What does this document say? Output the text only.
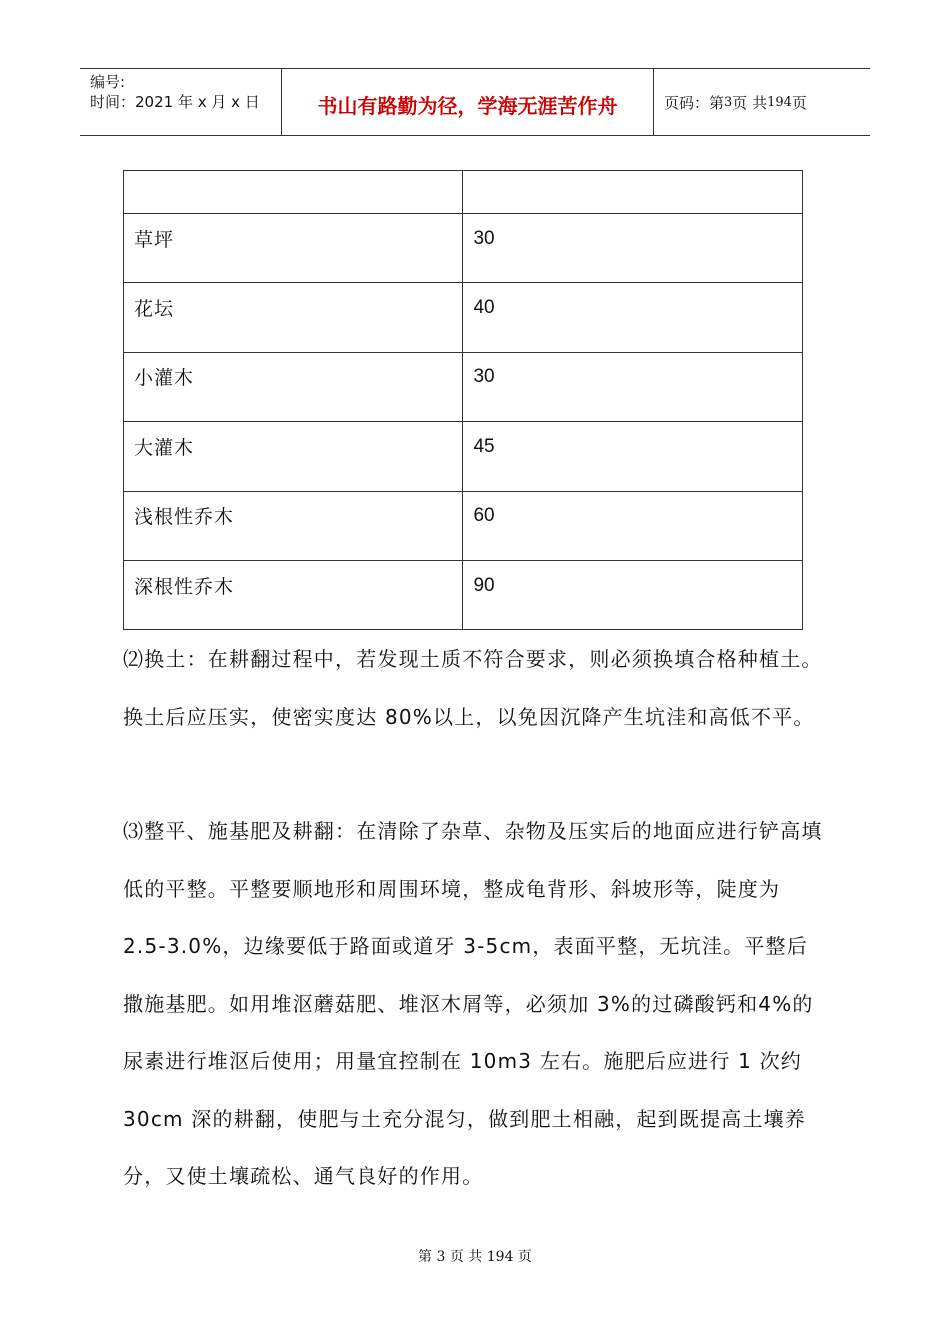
编号:
时间：2021 年 x 月 x 日	书山有路勤为径，学海无涯苦作舟	页码：第 3 页 共 194 页

草坪	30
花坛	40
小灌木	30
大灌木	45
浅根性乔木	60
深根性乔木	90

⑵换土：在耕翻过程中，若发现土质不符合要求，则必须换填合格种植土。换土后应压实，使密实度达 80%以上，以免因沉降产生坑洼和高低不平。

⑶整平、施基肥及耕翻：在清除了杂草、杂物及压实后的地面应进行铲高填低的平整。平整要顺地形和周围环境，整成龟背形、斜坡形等，陡度为 2.5-3.0%，边缘要低于路面或道牙 3-5cm，表面平整，无坑洼。平整后撒施基肥。如用堆沤蘑菇肥、堆沤木屑等，必须加 3%的过磷酸钙和4%的尿素进行堆沤后使用；用量宜控制在 10m3 左右。施肥后应进行 1 次约 30cm 深的耕翻，使肥与土充分混匀，做到肥土相融，起到既提高土壤养分，又使土壤疏松、通气良好的作用。

第 3 页 共 194 页
